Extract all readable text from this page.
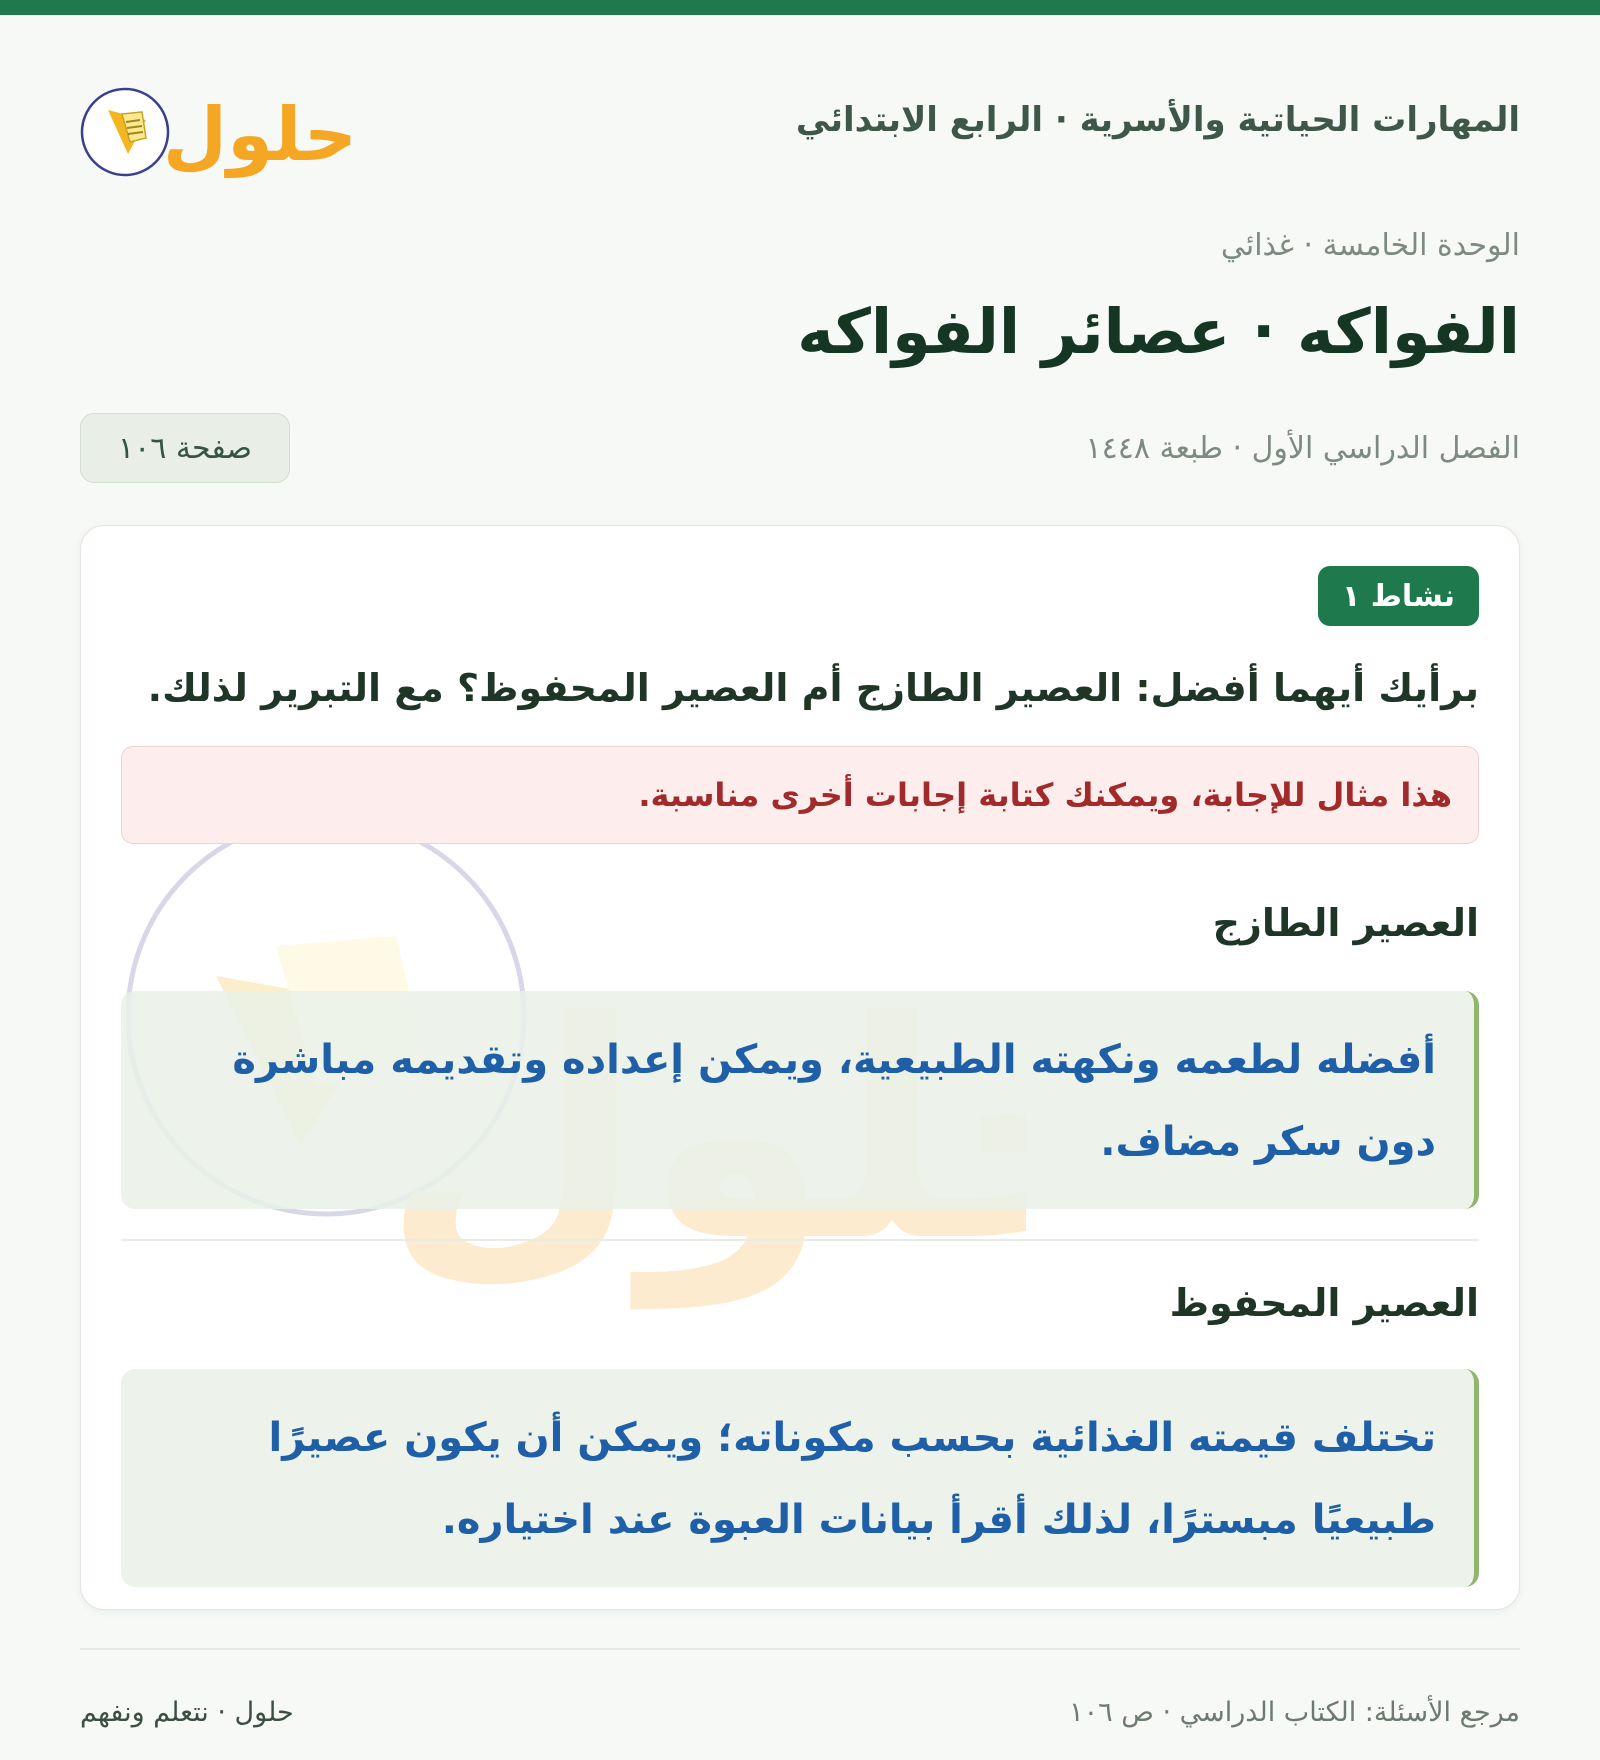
المهارات الحياتية والأسرية · الرابع الابتدائي
حلول
الوحدة الخامسة · غذائي
الفواكه · عصائر الفواكه
الفصل الدراسي الأول · طبعة ١٤٤٨
صفحة ١٠٦
نشاط ١
برأيك أيهما أفضل: العصير الطازج أم العصير المحفوظ؟ مع التبرير لذلك.
هذا مثال للإجابة، ويمكنك كتابة إجابات أخرى مناسبة.
العصير الطازج
أفضله لطعمه ونكهته الطبيعية، ويمكن إعداده وتقديمه مباشرة دون سكر مضاف.
العصير المحفوظ
تختلف قيمته الغذائية بحسب مكوناته؛ ويمكن أن يكون عصيرًا طبيعيًا مبسترًا، لذلك أقرأ بيانات العبوة عند اختياره.
مرجع الأسئلة: الكتاب الدراسي · ص ١٠٦
حلول · نتعلم ونفهم
